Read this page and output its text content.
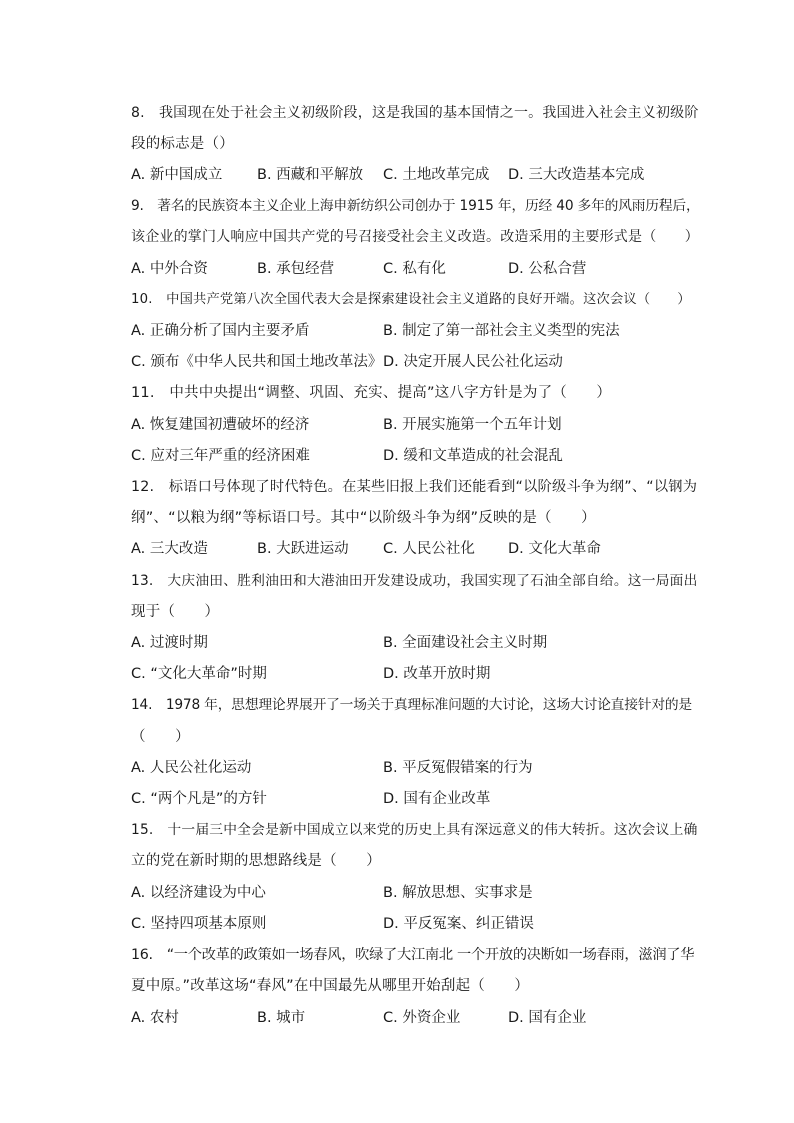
8.　我国现在处于社会主义初级阶段，这是我国的基本国情之一。我国进入社会主义初级阶
段的标志是（）
A. 新中国成立 B. 西藏和平解放 C. 土地改革完成 D. 三大改造基本完成
9.　著名的民族资本主义企业上海申新纺织公司创办于 1915 年，历经 40 多年的风雨历程后，
该企业的掌门人响应中国共产党的号召接受社会主义改造。改造采用的主要形式是（　　）
A. 中外合资	B. 承包经营	C. 私有化	D. 公私合营
10.　中国共产党第八次全国代表大会是探索建设社会主义道路的良好开端。这次会议（　　）
A. 正确分析了国内主要矛盾	B. 制定了第一部社会主义类型的宪法
C. 颁布《中华人民共和国土地改革法》 D. 决定开展人民公社化运动
11.　中共中央提出“调整、巩固、充实、提高”这八字方针是为了（　　）
A. 恢复建国初遭破坏的经济	B. 开展实施第一个五年计划
C. 应对三年严重的经济困难	D. 缓和文革造成的社会混乱
12.　标语口号体现了时代特色。在某些旧报上我们还能看到“以阶级斗争为纲”、“以钢为
纲”、“以粮为纲”等标语口号。其中“以阶级斗争为纲”反映的是（　　）
A. 三大改造	B. 大跃进运动 C. 人民公社化 D. 文化大革命
13.　大庆油田、胜利油田和大港油田开发建设成功，我国实现了石油全部自给。这一局面出
现于（　　）
A. 过渡时期	B. 全面建设社会主义时期
C. “文化大革命”时期	D. 改革开放时期
14.　1978 年，思想理论界展开了一场关于真理标准问题的大讨论，这场大讨论直接针对的是
（　　）
A. 人民公社化运动	B. 平反冤假错案的行为
C. “两个凡是”的方针	D. 国有企业改革
15.　十一届三中全会是新中国成立以来党的历史上具有深远意义的伟大转折。这次会议上确
立的党在新时期的思想路线是（　　）
A. 以经济建设为中心	B. 解放思想、实事求是
C. 坚持四项基本原则	D. 平反冤案、纠正错误
16.　“一个改革的政策如一场春风，吹绿了大江南北 一个开放的决断如一场春雨，滋润了华
夏中原。”改革这场“春风”在中国最先从哪里开始刮起（　　）
A. 农村	B. 城市	C. 外资企业	D. 国有企业
